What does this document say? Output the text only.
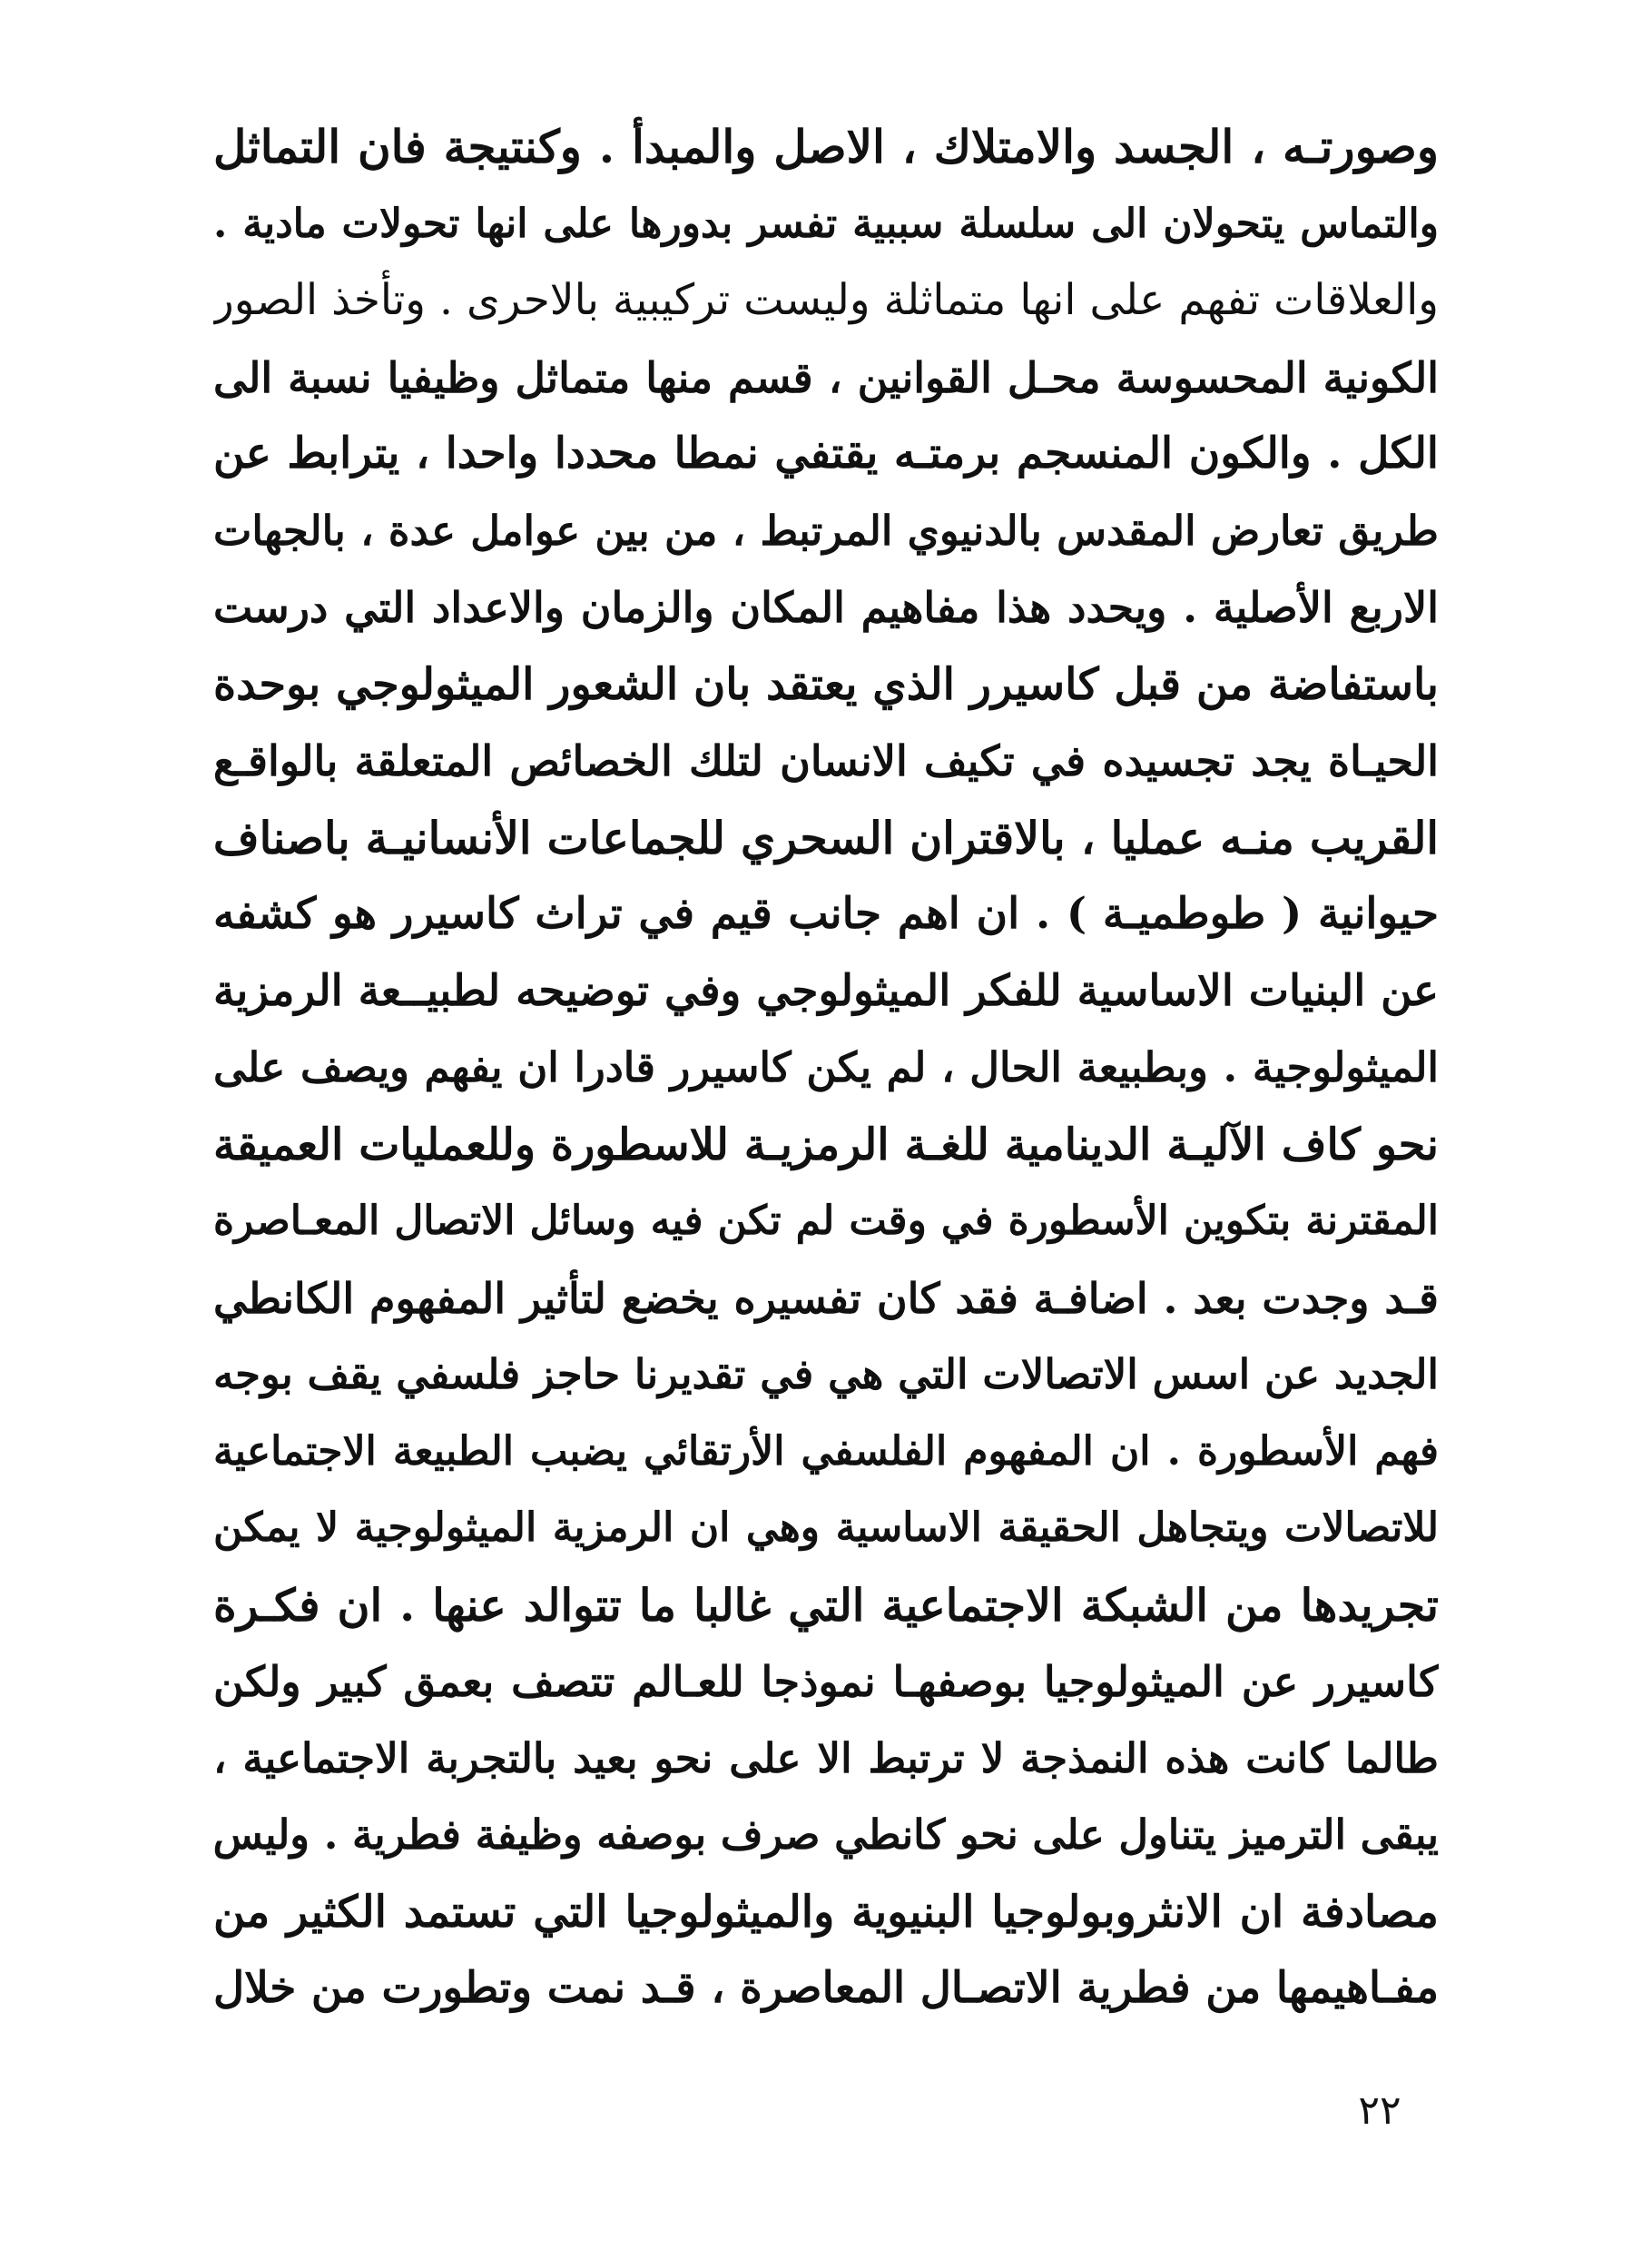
وصورتـه ، الجسد والامتلاك ، الاصل والمبدأ . وكنتيجة فان التماثل
والتماس يتحولان الى سلسلة سببية تفسر بدورها على انها تحولات مادية .
والعلاقات تفهم على انها متماثلة وليست تركيبية بالاحرى . وتأخذ الصور
الكونية المحسوسة محـل القوانين ، قسم منها متماثل وظيفيا نسبة الى
الكل . والكون المنسجم برمتـه يقتفي نمطا محددا واحدا ، يترابط عن
طريق تعارض المقدس بالدنيوي المرتبط ، من بين عوامل عدة ، بالجهات
الاربع الأصلية . ويحدد هذا مفاهيم المكان والزمان والاعداد التي درست
باستفاضة من قبل كاسيرر الذي يعتقد بان الشعور الميثولوجي بوحدة
الحيـاة يجد تجسيده في تكيف الانسان لتلك الخصائص المتعلقة بالواقـع
القريب منـه عمليا ، بالاقتران السحري للجماعات الأنسانيـة باصناف
حيوانية ( طوطميـة ) . ان اهم جانب قيم في تراث كاسيرر هو كشفه
عن البنيات الاساسية للفكر الميثولوجي وفي توضيحه لطبيــعة الرمزية
الميثولوجية . وبطبيعة الحال ، لم يكن كاسيرر قادرا ان يفهم ويصف على
نحو كاف الآليـة الدينامية للغـة الرمزيـة للاسطورة وللعمليات العميقة
المقترنة بتكوين الأسطورة في وقت لم تكن فيه وسائل الاتصال المعـاصرة
قـد وجدت بعد . اضافـة فقد كان تفسيره يخضع لتأثير المفهوم الكانطي
الجديد عن اسس الاتصالات التي هي في تقديرنا حاجز فلسفي يقف بوجه
فهم الأسطورة . ان المفهوم الفلسفي الأرتقائي يضبب الطبيعة الاجتماعية
للاتصالات ويتجاهل الحقيقة الاساسية وهي ان الرمزية الميثولوجية لا يمكن
تجريدها من الشبكة الاجتماعية التي غالبا ما تتوالد عنها . ان فكـرة
كاسيرر عن الميثولوجيا بوصفهـا نموذجا للعـالم تتصف بعمق كبير ولكن
طالما كانت هذه النمذجة لا ترتبط الا على نحو بعيد بالتجربة الاجتماعية ،
يبقى الترميز يتناول على نحو كانطي صرف بوصفه وظيفة فطرية . وليس
مصادفة ان الانثروبولوجيا البنيوية والميثولوجيا التي تستمد الكثير من
مفـاهيمها من فطرية الاتصـال المعاصرة ، قـد نمت وتطورت من خلال
٢٢
